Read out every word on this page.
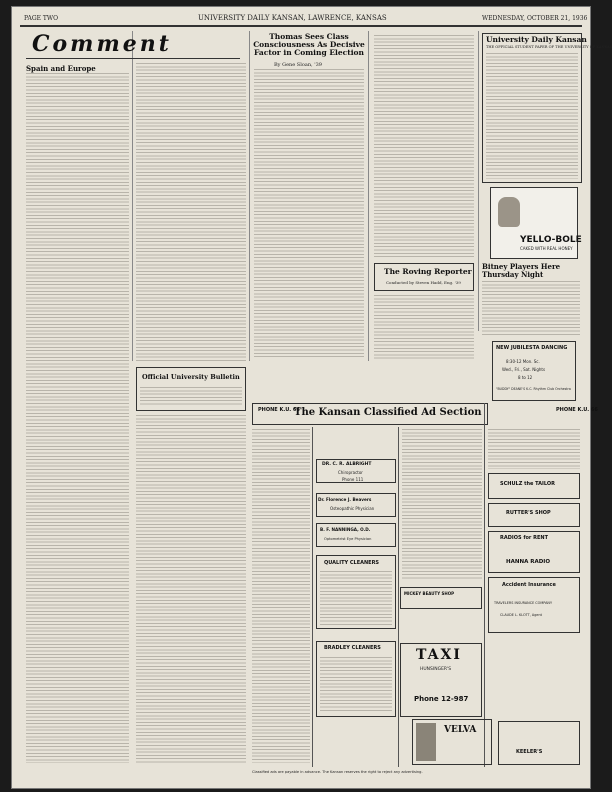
PAGE TWO	UNIVERSITY DAILY KANSAN, LAWRENCE, KANSAS	WEDNESDAY, OCTOBER 21, 1936
Comment
Spain and Europe
Thomas Sees Class Consciousness As Decisive Factor in Coming Election
By Gene Sloan, '39
University Daily Kansan
THE OFFICIAL STUDENT PAPER OF THE UNIVERSITY OF KANSAS
YELLO-BOLE
CAKED WITH REAL HONEY
The Roving Reporter
Conducted by Steven Hadd, Eng. '39
Bitney Players Here Thursday Night
NEW JUBILESTA DANCING
8:30-12 Mon. Sc.
Wed., Fri., Sat. Nights
8 to 12
"BUDDY" DEANE'S K.C. Rhythm Club Orchestra
Official University Bulletin
PHONE K.U. 66
The Kansan Classified Ad Section	PHONE K.U. 66
DR. C. R. ALBRIGHT
Chiropractor
Phone 111
Dr. Florence J. Beavers
Osteopathic Physician
B. F. NANNINGA, O.D.
Optometrist Eye Physician
QUALITY CLEANERS
BRADLEY CLEANERS	TAXI
HUNSINGER'S
Phone 12-987
MICKEY BEAUTY SHOP
SCHULZ the TAILOR
RUTTER'S SHOP
RADIOS for RENT
HANNA RADIO
Accident Insurance
TRAVELERS INSURANCE COMPANY
CLAUDE L. KLOTT, Agent
VELVA
KEELER'S
Classified ads are payable in advance. The Kansan reserves the right to reject any advertising.
